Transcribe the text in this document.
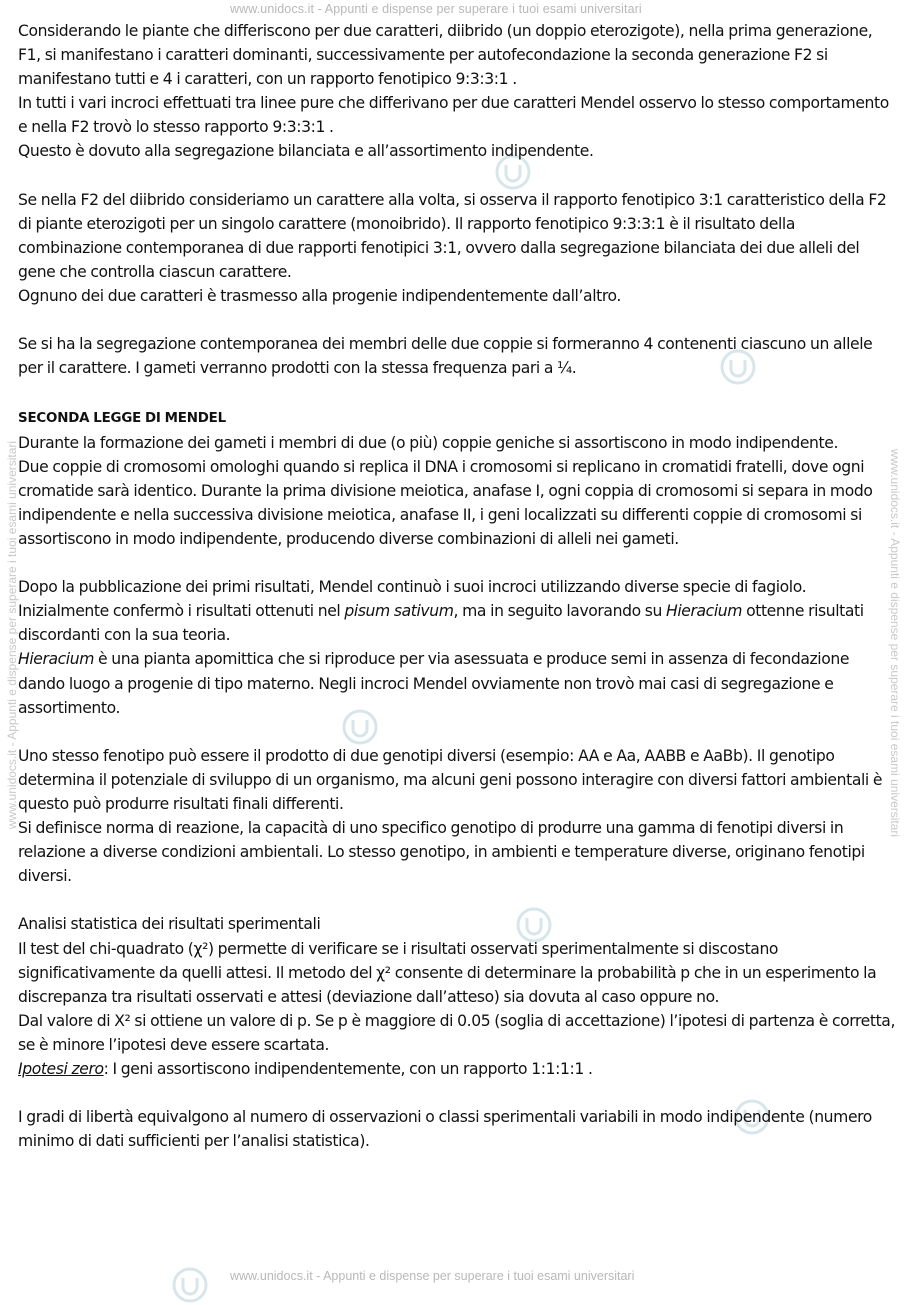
www.unidocs.it - Appunti e dispense per superare i tuoi esami universitari
www.unidocs.it - Appunti e dispense per superare i tuoi esami universitari
www.unidocs.it - Appunti e dispense per superare i tuoi esami universitari	www.unidocs.it - Appunti e dispense per superare i tuoi esami universitari

Considerando le piante che differiscono per due caratteri, diibrido (un doppio eterozigote), nella prima generazione, F1, si manifestano i caratteri dominanti, successivamente per autofecondazione la seconda generazione F2 si manifestano tutti e 4 i caratteri, con un rapporto fenotipico 9:3:3:1 .
In tutti i vari incroci effettuati tra linee pure che differivano per due caratteri Mendel osservo lo stesso comportamento e nella F2 trovò lo stesso rapporto 9:3:3:1 .
Questo è dovuto alla segregazione bilanciata e all’assortimento indipendente.

Se nella F2 del diibrido consideriamo un carattere alla volta, si osserva il rapporto fenotipico 3:1 caratteristico della F2 di piante eterozigoti per un singolo carattere (monoibrido). Il rapporto fenotipico 9:3:3:1 è il risultato della combinazione contemporanea di due rapporti fenotipici 3:1, ovvero dalla segregazione bilanciata dei due alleli del gene che controlla ciascun carattere.
Ognuno dei due caratteri è trasmesso alla progenie indipendentemente dall’altro.

Se si ha la segregazione contemporanea dei membri delle due coppie si formeranno 4 contenenti ciascuno un allele per il carattere. I gameti verranno prodotti con la stessa frequenza pari a ¼.

SECONDA LEGGE DI MENDEL
Durante la formazione dei gameti i membri di due (o più) coppie geniche si assortiscono in modo indipendente.
Due coppie di cromosomi omologhi quando si replica il DNA i cromosomi si replicano in cromatidi fratelli, dove ogni cromatide sarà identico. Durante la prima divisione meiotica, anafase I, ogni coppia di cromosomi si separa in modo indipendente e nella successiva divisione meiotica, anafase II, i geni localizzati su differenti coppie di cromosomi si assortiscono in modo indipendente, producendo diverse combinazioni di alleli nei gameti.

Dopo la pubblicazione dei primi risultati, Mendel continuò i suoi incroci utilizzando diverse specie di fagiolo.
Inizialmente confermò i risultati ottenuti nel pisum sativum, ma in seguito lavorando su Hieracium ottenne risultati discordanti con la sua teoria.
Hieracium è una pianta apomittica che si riproduce per via asessuata e produce semi in assenza di fecondazione dando luogo a progenie di tipo materno. Negli incroci Mendel ovviamente non trovò mai casi di segregazione e assortimento.

Uno stesso fenotipo può essere il prodotto di due genotipi diversi (esempio: AA e Aa, AABB e AaBb). Il genotipo determina il potenziale di sviluppo di un organismo, ma alcuni geni possono interagire con diversi fattori ambientali è questo può produrre risultati finali differenti.
Si definisce norma di reazione, la capacità di uno specifico genotipo di produrre una gamma di fenotipi diversi in relazione a diverse condizioni ambientali. Lo stesso genotipo, in ambienti e temperature diverse, originano fenotipi diversi.

Analisi statistica dei risultati sperimentali
Il test del chi-quadrato (χ²) permette di verificare se i risultati osservati sperimentalmente si discostano significativamente da quelli attesi. Il metodo del χ² consente di determinare la probabilità p che in un esperimento la discrepanza tra risultati osservati e attesi (deviazione dall’atteso) sia dovuta al caso oppure no.
Dal valore di X² si ottiene un valore di p. Se p è maggiore di 0.05 (soglia di accettazione) l’ipotesi di partenza è corretta, se è minore l’ipotesi deve essere scartata.
Ipotesi zero: I geni assortiscono indipendentemente, con un rapporto 1:1:1:1 .

I gradi di libertà equivalgono al numero di osservazioni o classi sperimentali variabili in modo indipendente (numero minimo di dati sufficienti per l’analisi statistica).
